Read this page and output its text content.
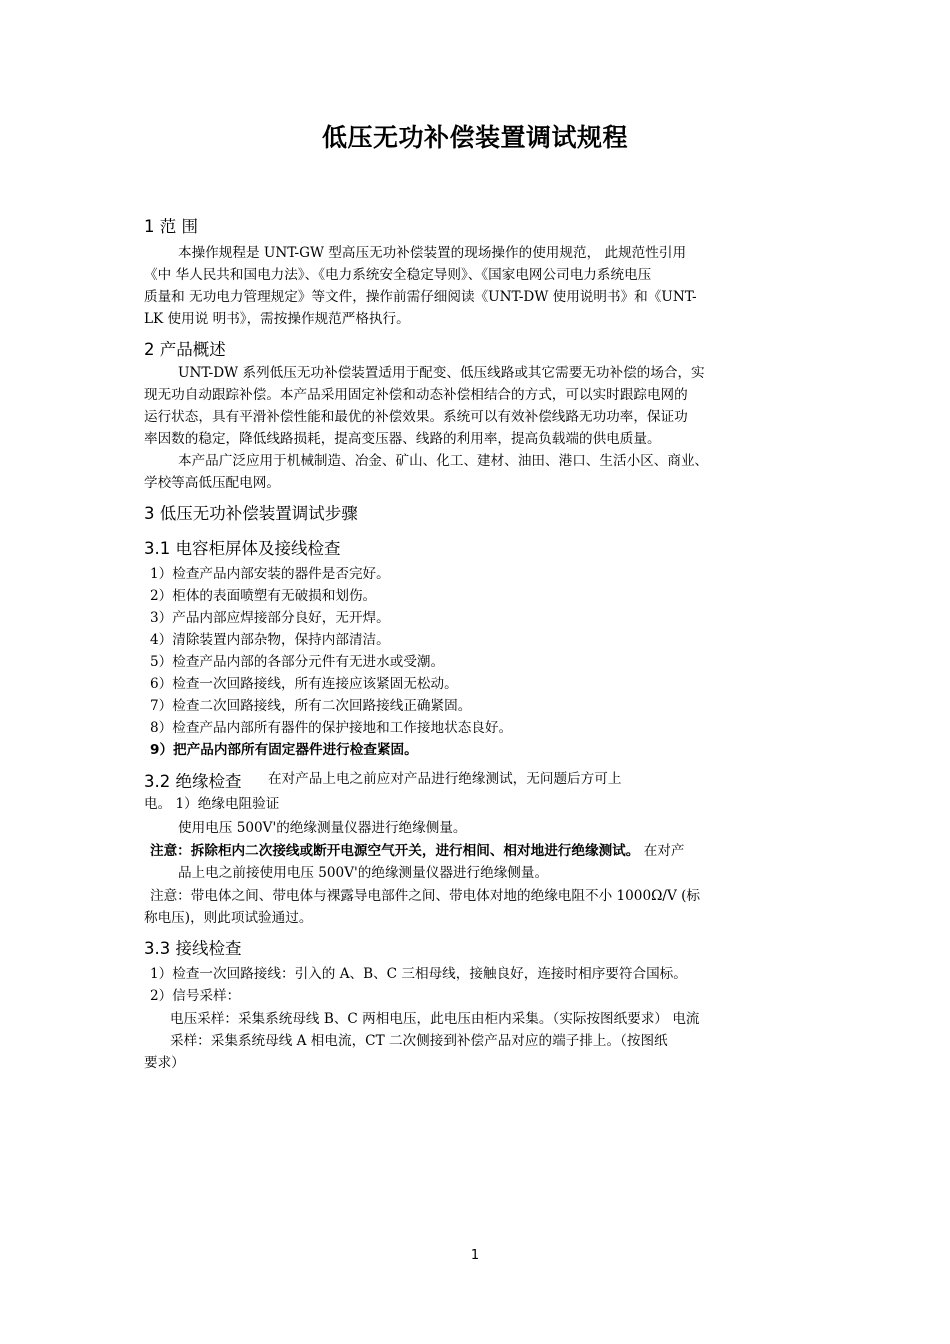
低压无功补偿装置调试规程
1 范 围
本操作规程是 UNT-GW 型高压无功补偿装置的现场操作的使用规范， 此规范性引用
《中 华人民共和国电力法》、《电力系统安全稳定导则》、《国家电网公司电力系统电压
质量和 无功电力管理规定》等文件，操作前需仔细阅读《UNT-DW 使用说明书》和《UNT-
LK 使用说 明书》，需按操作规范严格执行。
2 产品概述
UNT-DW 系列低压无功补偿装置适用于配变、低压线路或其它需要无功补偿的场合，实
现无功自动跟踪补偿。本产品采用固定补偿和动态补偿相结合的方式，可以实时跟踪电网的
运行状态，具有平滑补偿性能和最优的补偿效果。系统可以有效补偿线路无功功率，保证功
率因数的稳定，降低线路损耗，提高变压器、线路的利用率，提高负载端的供电质量。
本产品广泛应用于机械制造、冶金、矿山、化工、建材、油田、港口、生活小区、商业、
学校等高低压配电网。
3 低压无功补偿装置调试步骤
3.1 电容柜屏体及接线检查
1）检查产品内部安装的器件是否完好。
2）柜体的表面喷塑有无破损和划伤。
3）产品内部应焊接部分良好，无开焊。
4）清除装置内部杂物，保持内部清洁。
5）检查产品内部的各部分元件有无进水或受潮。
6）检查一次回路接线，所有连接应该紧固无松动。
7）检查二次回路接线，所有二次回路接线正确紧固。
8）检查产品内部所有器件的保护接地和工作接地状态良好。
9）把产品内部所有固定器件进行检查紧固。
3.2 绝缘检查 在对产品上电之前应对产品进行绝缘测试，无问题后方可上
电。 1）绝缘电阻验证
使用电压 500V'的绝缘测量仪器进行绝缘侧量。
注意：拆除柜内二次接线或断开电源空气开关，进行相间、相对地进行绝缘测试。 在对产
品上电之前接使用电压 500V'的绝缘测量仪器进行绝缘侧量。
注意：带电体之间、带电体与裸露导电部件之间、带电体对地的绝缘电阻不小 1000Ω/V (标
称电压)，则此项试验通过。
3.3 接线检查
1）检查一次回路接线：引入的 A、B、C 三相母线，接触良好，连接时相序要符合国标。
2）信号采样：
电压采样：采集系统母线 B、C 两相电压，此电压由柜内采集。（实际按图纸要求） 电流
采样：采集系统母线 A 相电流，CT 二次侧接到补偿产品对应的端子排上。（按图纸
要求）
1
